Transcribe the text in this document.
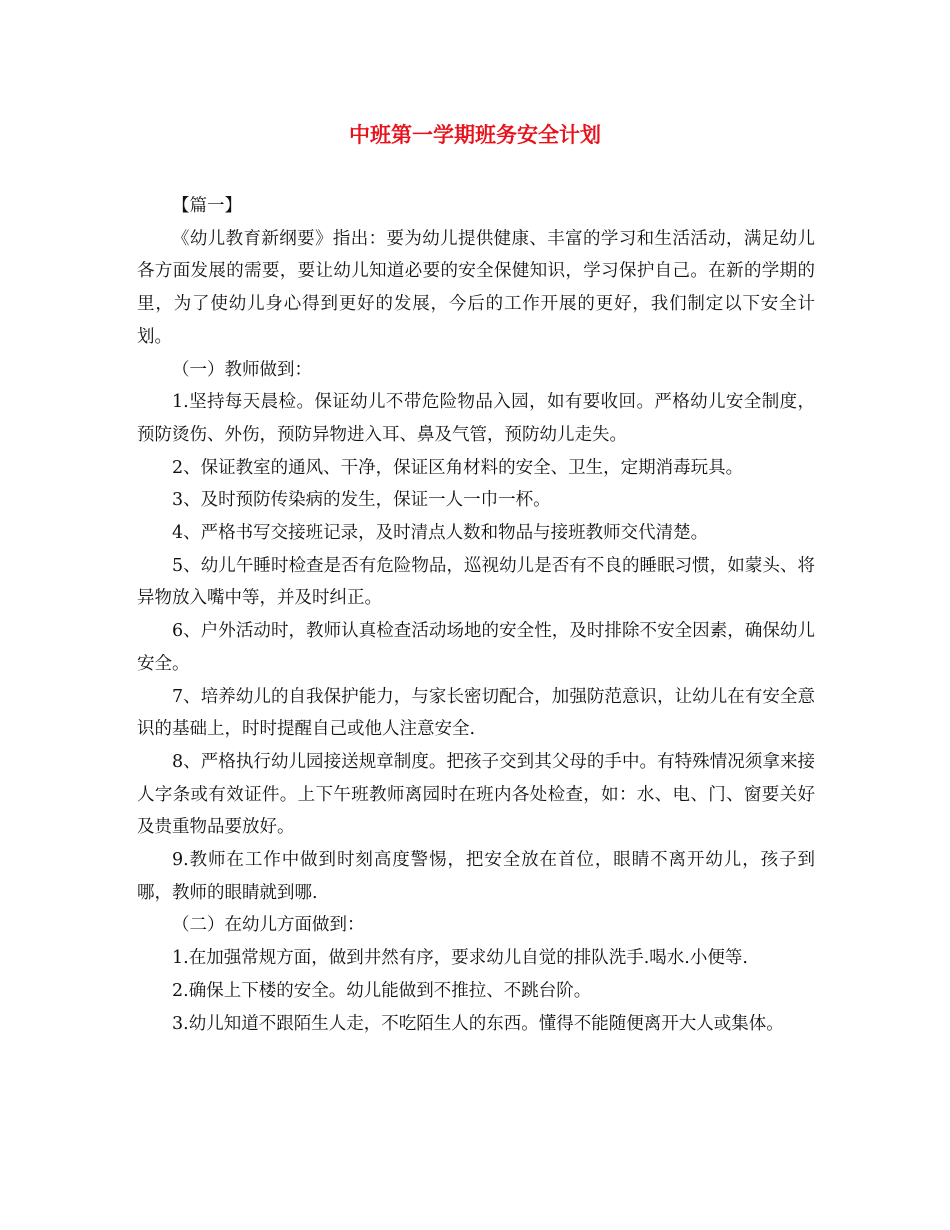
中班第一学期班务安全计划

【篇一】

《幼儿教育新纲要》指出：要为幼儿提供健康、丰富的学习和生活活动，满足幼儿各方面发展的需要，要让幼儿知道必要的安全保健知识，学习保护自己。在新的学期的里，为了使幼儿身心得到更好的发展，今后的工作开展的更好，我们制定以下安全计划。

（一）教师做到：

1.坚持每天晨检。保证幼儿不带危险物品入园，如有要收回。严格幼儿安全制度，预防烫伤、外伤，预防异物进入耳、鼻及气管，预防幼儿走失。

2、保证教室的通风、干净，保证区角材料的安全、卫生，定期消毒玩具。

3、及时预防传染病的发生，保证一人一巾一杯。

4、严格书写交接班记录，及时清点人数和物品与接班教师交代清楚。

5、幼儿午睡时检查是否有危险物品，巡视幼儿是否有不良的睡眠习惯，如蒙头、将异物放入嘴中等，并及时纠正。

6、户外活动时，教师认真检查活动场地的安全性，及时排除不安全因素，确保幼儿安全。

7、培养幼儿的自我保护能力，与家长密切配合，加强防范意识，让幼儿在有安全意识的基础上，时时提醒自己或他人注意安全.

8、严格执行幼儿园接送规章制度。把孩子交到其父母的手中。有特殊情况须拿来接人字条或有效证件。上下午班教师离园时在班内各处检查，如：水、电、门、窗要关好及贵重物品要放好。

9.教师在工作中做到时刻高度警惕，把安全放在首位，眼睛不离开幼儿，孩子到哪，教师的眼睛就到哪.

（二）在幼儿方面做到：

1.在加强常规方面，做到井然有序，要求幼儿自觉的排队洗手.喝水.小便等.

2.确保上下楼的安全。幼儿能做到不推拉、不跳台阶。

3.幼儿知道不跟陌生人走，不吃陌生人的东西。懂得不能随便离开大人或集体。
